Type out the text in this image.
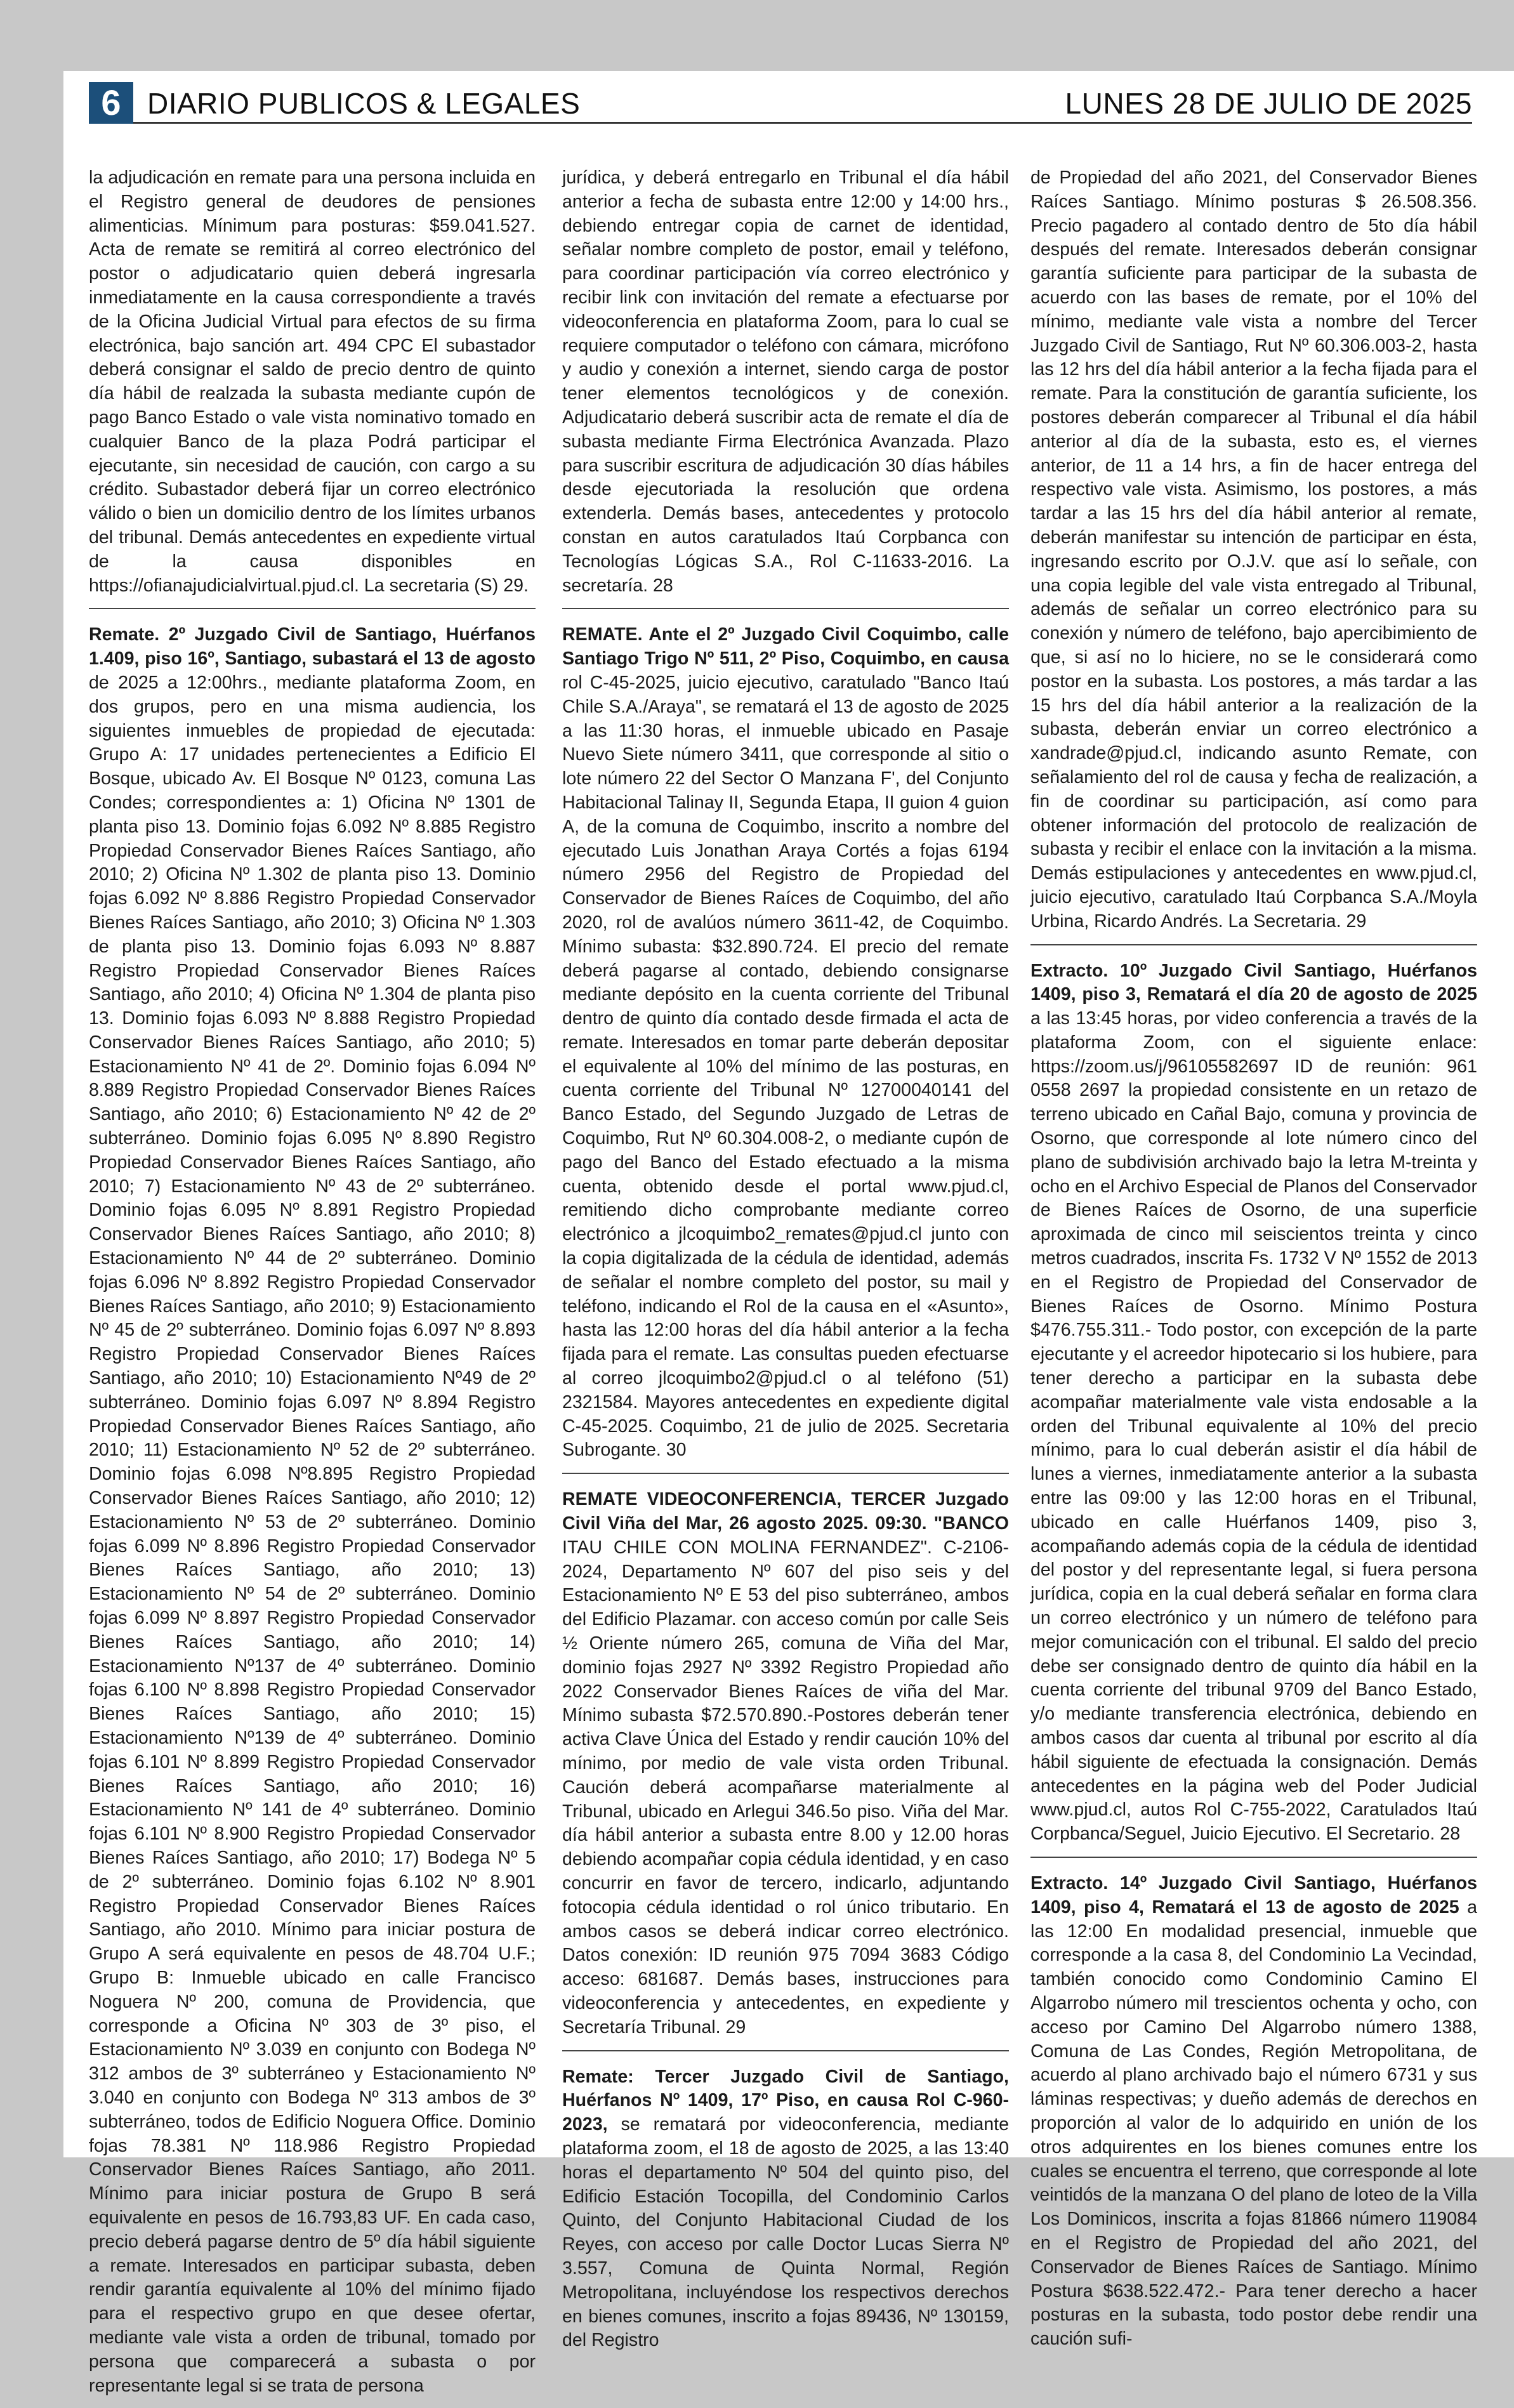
6 DIARIO PUBLICOS & LEGALES	LUNES 28 DE JULIO DE 2025

la adjudicación en remate para una persona incluida en el Registro general de deudores de pensiones alimenticias. Mínimum para posturas: $59.041.527. Acta de remate se remitirá al correo electrónico del postor o adjudicatario quien deberá ingresarla inmediatamente en la causa correspondiente a través de la Oficina Judicial Virtual para efectos de su firma electrónica, bajo sanción art. 494 CPC El subastador deberá consignar el saldo de precio dentro de quinto día hábil de realzada la subasta mediante cupón de pago Banco Estado o vale vista nominativo tomado en cualquier Banco de la plaza Podrá participar el ejecutante, sin necesidad de caución, con cargo a su crédito. Subastador deberá fijar un correo electrónico válido o bien un domicilio dentro de los límites urbanos del tribunal. Demás antecedentes en expediente virtual de la causa disponibles en https://ofianajudicialvirtual.pjud.cl. La secretaria (S) 29.

Remate. 2º Juzgado Civil de Santiago, Huérfanos 1.409, piso 16º, Santiago, subastará el 13 de agosto de 2025 a 12:00hrs., mediante plataforma Zoom, en dos grupos, pero en una misma audiencia, los siguientes inmuebles de propiedad de ejecutada: Grupo A: 17 unidades pertenecientes a Edificio El Bosque, ubicado Av. El Bosque Nº 0123, comuna Las Condes; correspondientes a: 1) Oficina Nº 1301 de planta piso 13. Dominio fojas 6.092 Nº 8.885 Registro Propiedad Conservador Bienes Raíces Santiago, año 2010; 2) Oficina Nº 1.302 de planta piso 13. Dominio fojas 6.092 Nº 8.886 Registro Propiedad Conservador Bienes Raíces Santiago, año 2010; 3) Oficina Nº 1.303 de planta piso 13. Dominio fojas 6.093 Nº 8.887 Registro Propiedad Conservador Bienes Raíces Santiago, año 2010; 4) Oficina Nº 1.304 de planta piso 13. Dominio fojas 6.093 Nº 8.888 Registro Propiedad Conservador Bienes Raíces Santiago, año 2010; 5) Estacionamiento Nº 41 de 2º. Dominio fojas 6.094 Nº 8.889 Registro Propiedad Conservador Bienes Raíces Santiago, año 2010; 6) Estacionamiento Nº 42 de 2º subterráneo. Dominio fojas 6.095 Nº 8.890 Registro Propiedad Conservador Bienes Raíces Santiago, año 2010; 7) Estacionamiento Nº 43 de 2º subterráneo. Dominio fojas 6.095 Nº 8.891 Registro Propiedad Conservador Bienes Raíces Santiago, año 2010; 8) Estacionamiento Nº 44 de 2º subterráneo. Dominio fojas 6.096 Nº 8.892 Registro Propiedad Conservador Bienes Raíces Santiago, año 2010; 9) Estacionamiento Nº 45 de 2º subterráneo. Dominio fojas 6.097 Nº 8.893 Registro Propiedad Conservador Bienes Raíces Santiago, año 2010; 10) Estacionamiento Nº49 de 2º subterráneo. Dominio fojas 6.097 Nº 8.894 Registro Propiedad Conservador Bienes Raíces Santiago, año 2010; 11) Estacionamiento Nº 52 de 2º subterráneo. Dominio fojas 6.098 Nº8.895 Registro Propiedad Conservador Bienes Raíces Santiago, año 2010; 12) Estacionamiento Nº 53 de 2º subterráneo. Dominio fojas 6.099 Nº 8.896 Registro Propiedad Conservador Bienes Raíces Santiago, año 2010; 13) Estacionamiento Nº 54 de 2º subterráneo. Dominio fojas 6.099 Nº 8.897 Registro Propiedad Conservador Bienes Raíces Santiago, año 2010; 14) Estacionamiento Nº137 de 4º subterráneo. Dominio fojas 6.100 Nº 8.898 Registro Propiedad Conservador Bienes Raíces Santiago, año 2010; 15) Estacionamiento Nº139 de 4º subterráneo. Dominio fojas 6.101 Nº 8.899 Registro Propiedad Conservador Bienes Raíces Santiago, año 2010; 16) Estacionamiento Nº 141 de 4º subterráneo. Dominio fojas 6.101 Nº 8.900 Registro Propiedad Conservador Bienes Raíces Santiago, año 2010; 17) Bodega Nº 5 de 2º subterráneo. Dominio fojas 6.102 Nº 8.901 Registro Propiedad Conservador Bienes Raíces Santiago, año 2010. Mínimo para iniciar postura de Grupo A será equivalente en pesos de 48.704 U.F.; Grupo B: Inmueble ubicado en calle Francisco Noguera Nº 200, comuna de Providencia, que corresponde a Oficina Nº 303 de 3º piso, el Estacionamiento Nº 3.039 en conjunto con Bodega Nº 312 ambos de 3º subterráneo y Estacionamiento Nº 3.040 en conjunto con Bodega Nº 313 ambos de 3º subterráneo, todos de Edificio Noguera Office. Dominio fojas 78.381 Nº 118.986 Registro Propiedad Conservador Bienes Raíces Santiago, año 2011. Mínimo para iniciar postura de Grupo B será equivalente en pesos de 16.793,83 UF. En cada caso, precio deberá pagarse dentro de 5º día hábil siguiente a remate. Interesados en participar subasta, deben rendir garantía equivalente al 10% del mínimo fijado para el respectivo grupo en que desee ofertar, mediante vale vista a orden de tribunal, tomado por persona que comparecerá a subasta o por representante legal si se trata de persona

jurídica, y deberá entregarlo en Tribunal el día hábil anterior a fecha de subasta entre 12:00 y 14:00 hrs., debiendo entregar copia de carnet de identidad, señalar nombre completo de postor, email y teléfono, para coordinar participación vía correo electrónico y recibir link con invitación del remate a efectuarse por videoconferencia en plataforma Zoom, para lo cual se requiere computador o teléfono con cámara, micrófono y audio y conexión a internet, siendo carga de postor tener elementos tecnológicos y de conexión. Adjudicatario deberá suscribir acta de remate el día de subasta mediante Firma Electrónica Avanzada. Plazo para suscribir escritura de adjudicación 30 días hábiles desde ejecutoriada la resolución que ordena extenderla. Demás bases, antecedentes y protocolo constan en autos caratulados Itaú Corpbanca con Tecnologías Lógicas S.A., Rol C-11633-2016. La secretaría. 28

REMATE. Ante el 2º Juzgado Civil Coquimbo, calle Santiago Trigo Nº 511, 2º Piso, Coquimbo, en causa rol C-45-2025, juicio ejecutivo, caratulado "Banco Itaú Chile S.A./Araya", se rematará el 13 de agosto de 2025 a las 11:30 horas, el inmueble ubicado en Pasaje Nuevo Siete número 3411, que corresponde al sitio o lote número 22 del Sector O Manzana F', del Conjunto Habitacional Talinay II, Segunda Etapa, II guion 4 guion A, de la comuna de Coquimbo, inscrito a nombre del ejecutado Luis Jonathan Araya Cortés a fojas 6194 número 2956 del Registro de Propiedad del Conservador de Bienes Raíces de Coquimbo, del año 2020, rol de avalúos número 3611-42, de Coquimbo. Mínimo subasta: $32.890.724. El precio del remate deberá pagarse al contado, debiendo consignarse mediante depósito en la cuenta corriente del Tribunal dentro de quinto día contado desde firmada el acta de remate. Interesados en tomar parte deberán depositar el equivalente al 10% del mínimo de las posturas, en cuenta corriente del Tribunal Nº 12700040141 del Banco Estado, del Segundo Juzgado de Letras de Coquimbo, Rut Nº 60.304.008-2, o mediante cupón de pago del Banco del Estado efectuado a la misma cuenta, obtenido desde el portal www.pjud.cl, remitiendo dicho comprobante mediante correo electrónico a jlcoquimbo2_remates@pjud.cl junto con la copia digitalizada de la cédula de identidad, además de señalar el nombre completo del postor, su mail y teléfono, indicando el Rol de la causa en el «Asunto», hasta las 12:00 horas del día hábil anterior a la fecha fijada para el remate. Las consultas pueden efectuarse al correo jlcoquimbo2@pjud.cl o al teléfono (51) 2321584. Mayores antecedentes en expediente digital C-45-2025. Coquimbo, 21 de julio de 2025. Secretaria Subrogante. 30

REMATE VIDEOCONFERENCIA, TERCER Juzgado Civil Viña del Mar, 26 agosto 2025. 09:30. "BANCO ITAU CHILE CON MOLINA FERNANDEZ". C-2106-2024, Departamento Nº 607 del piso seis y del Estacionamiento Nº E 53 del piso subterráneo, ambos del Edificio Plazamar. con acceso común por calle Seis ½ Oriente número 265, comuna de Viña del Mar, dominio fojas 2927 Nº 3392 Registro Propiedad año 2022 Conservador Bienes Raíces de viña del Mar. Mínimo subasta $72.570.890.-Postores deberán tener activa Clave Única del Estado y rendir caución 10% del mínimo, por medio de vale vista orden Tribunal. Caución deberá acompañarse materialmente al Tribunal, ubicado en Arlegui 346.5o piso. Viña del Mar. día hábil anterior a subasta entre 8.00 y 12.00 horas debiendo acompañar copia cédula identidad, y en caso concurrir en favor de tercero, indicarlo, adjuntando fotocopia cédula identidad o rol único tributario. En ambos casos se deberá indicar correo electrónico. Datos conexión: ID reunión 975 7094 3683 Código acceso: 681687. Demás bases, instrucciones para videoconferencia y antecedentes, en expediente y Secretaría Tribunal. 29

Remate: Tercer Juzgado Civil de Santiago, Huérfanos Nº 1409, 17º Piso, en causa Rol C-960-2023, se rematará por videoconferencia, mediante plataforma zoom, el 18 de agosto de 2025, a las 13:40 horas el departamento Nº 504 del quinto piso, del Edificio Estación Tocopilla, del Condominio Carlos Quinto, del Conjunto Habitacional Ciudad de los Reyes, con acceso por calle Doctor Lucas Sierra Nº 3.557, Comuna de Quinta Normal, Región Metropolitana, incluyéndose los respectivos derechos en bienes comunes, inscrito a fojas 89436, Nº 130159, del Registro

de Propiedad del año 2021, del Conservador Bienes Raíces Santiago. Mínimo posturas $ 26.508.356. Precio pagadero al contado dentro de 5to día hábil después del remate. Interesados deberán consignar garantía suficiente para participar de la subasta de acuerdo con las bases de remate, por el 10% del mínimo, mediante vale vista a nombre del Tercer Juzgado Civil de Santiago, Rut Nº 60.306.003-2, hasta las 12 hrs del día hábil anterior a la fecha fijada para el remate. Para la constitución de garantía suficiente, los postores deberán comparecer al Tribunal el día hábil anterior al día de la subasta, esto es, el viernes anterior, de 11 a 14 hrs, a fin de hacer entrega del respectivo vale vista. Asimismo, los postores, a más tardar a las 15 hrs del día hábil anterior al remate, deberán manifestar su intención de participar en ésta, ingresando escrito por O.J.V. que así lo señale, con una copia legible del vale vista entregado al Tribunal, además de señalar un correo electrónico para su conexión y número de teléfono, bajo apercibimiento de que, si así no lo hiciere, no se le considerará como postor en la subasta. Los postores, a más tardar a las 15 hrs del día hábil anterior a la realización de la subasta, deberán enviar un correo electrónico a xandrade@pjud.cl, indicando asunto Remate, con señalamiento del rol de causa y fecha de realización, a fin de coordinar su participación, así como para obtener información del protocolo de realización de subasta y recibir el enlace con la invitación a la misma. Demás estipulaciones y antecedentes en www.pjud.cl, juicio ejecutivo, caratulado Itaú Corpbanca S.A./Moyla Urbina, Ricardo Andrés. La Secretaria. 29

Extracto. 10º Juzgado Civil Santiago, Huérfanos 1409, piso 3, Rematará el día 20 de agosto de 2025 a las 13:45 horas, por video conferencia a través de la plataforma Zoom, con el siguiente enlace: https://zoom.us/j/96105582697 ID de reunión: 961 0558 2697 la propiedad consistente en un retazo de terreno ubicado en Cañal Bajo, comuna y provincia de Osorno, que corresponde al lote número cinco del plano de subdivisión archivado bajo la letra M-treinta y ocho en el Archivo Especial de Planos del Conservador de Bienes Raíces de Osorno, de una superficie aproximada de cinco mil seiscientos treinta y cinco metros cuadrados, inscrita Fs. 1732 V Nº 1552 de 2013 en el Registro de Propiedad del Conservador de Bienes Raíces de Osorno. Mínimo Postura $476.755.311.- Todo postor, con excepción de la parte ejecutante y el acreedor hipotecario si los hubiere, para tener derecho a participar en la subasta debe acompañar materialmente vale vista endosable a la orden del Tribunal equivalente al 10% del precio mínimo, para lo cual deberán asistir el día hábil de lunes a viernes, inmediatamente anterior a la subasta entre las 09:00 y las 12:00 horas en el Tribunal, ubicado en calle Huérfanos 1409, piso 3, acompañando además copia de la cédula de identidad del postor y del representante legal, si fuera persona jurídica, copia en la cual deberá señalar en forma clara un correo electrónico y un número de teléfono para mejor comunicación con el tribunal. El saldo del precio debe ser consignado dentro de quinto día hábil en la cuenta corriente del tribunal 9709 del Banco Estado, y/o mediante transferencia electrónica, debiendo en ambos casos dar cuenta al tribunal por escrito al día hábil siguiente de efectuada la consignación. Demás antecedentes en la página web del Poder Judicial www.pjud.cl, autos Rol C-755-2022, Caratulados Itaú Corpbanca/Seguel, Juicio Ejecutivo. El Secretario. 28

Extracto. 14º Juzgado Civil Santiago, Huérfanos 1409, piso 4, Rematará el 13 de agosto de 2025 a las 12:00 En modalidad presencial, inmueble que corresponde a la casa 8, del Condominio La Vecindad, también conocido como Condominio Camino El Algarrobo número mil trescientos ochenta y ocho, con acceso por Camino Del Algarrobo número 1388, Comuna de Las Condes, Región Metropolitana, de acuerdo al plano archivado bajo el número 6731 y sus láminas respectivas; y dueño además de derechos en proporción al valor de lo adquirido en unión de los otros adquirentes en los bienes comunes entre los cuales se encuentra el terreno, que corresponde al lote veintidós de la manzana O del plano de loteo de la Villa Los Dominicos, inscrita a fojas 81866 número 119084 en el Registro de Propiedad del año 2021, del Conservador de Bienes Raíces de Santiago. Mínimo Postura $638.522.472.- Para tener derecho a hacer posturas en la subasta, todo postor debe rendir una caución sufi-
